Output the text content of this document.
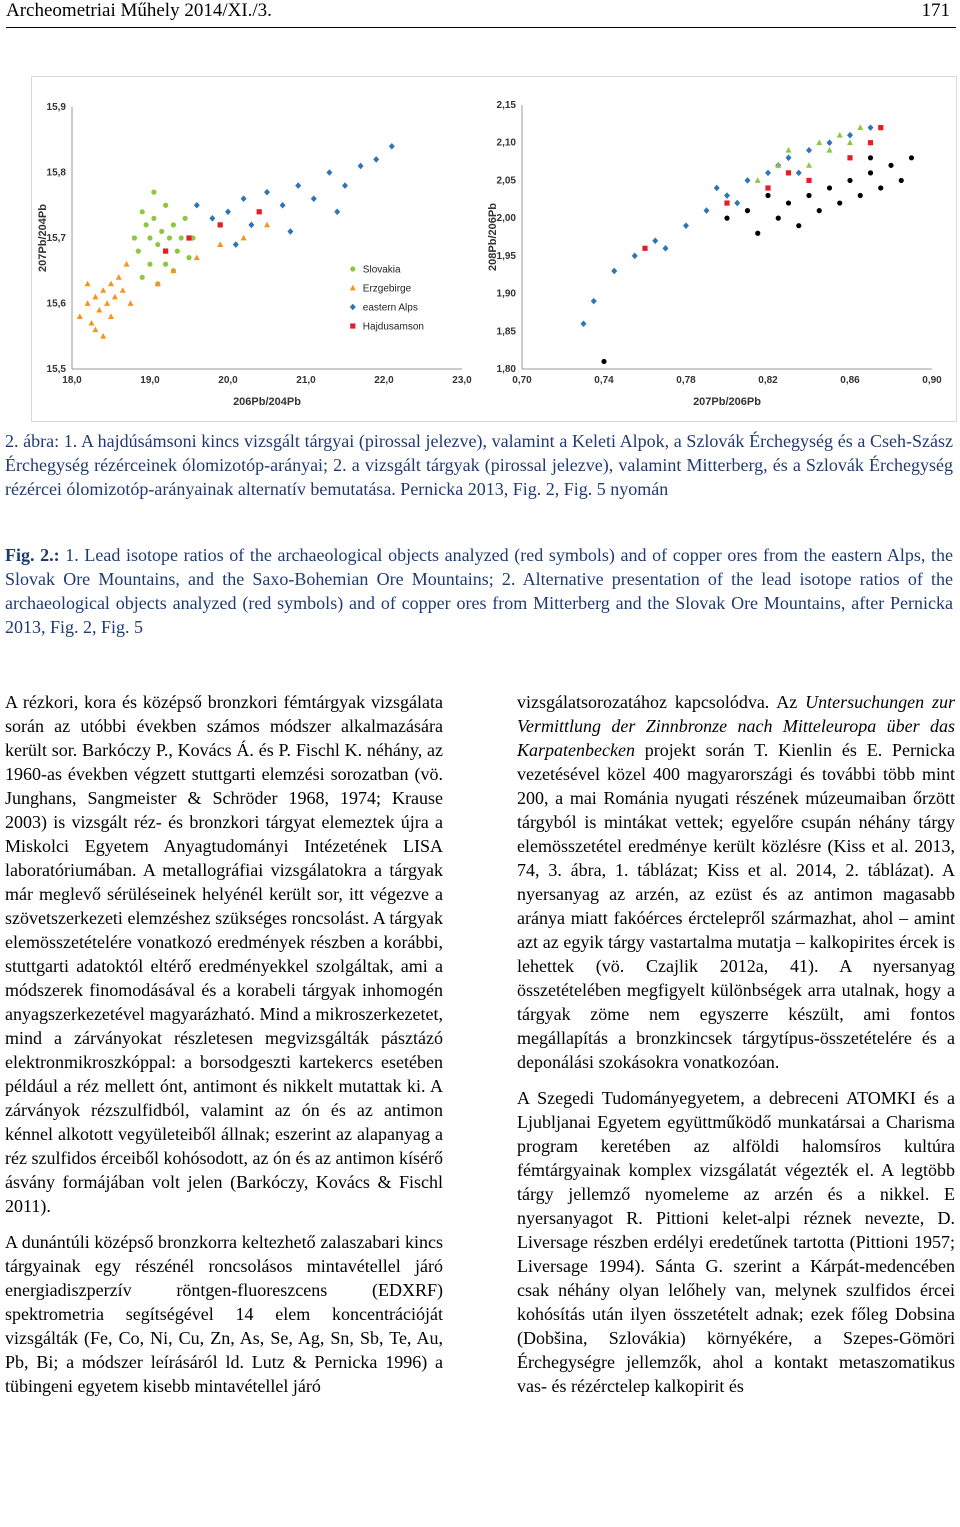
Archeometriai Műhely 2014/XI./3.	171
18,0	19,0	20,0	21,0	22,0	23,0
15,5
15,6
15,7
15,8
15,9
206Pb/204Pb
207Pb/204Pb	Slovakia
Erzgebirge
eastern Alps
Hajdusamson
0,70	0,74	0,78	0,82	0,86	0,90
1,80
1,85
1,90
1,95
2,00
2,05
2,10
2,15
207Pb/206Pb
208Pb/206Pb
2. ábra: 1. A hajdúsámsoni kincs vizsgált tárgyai (pirossal jelezve), valamint a Keleti Alpok, a Szlovák Érchegység és a Cseh-Szász Érchegység rézérceinek ólomizotóp-arányai; 2. a vizsgált tárgyak (pirossal jelezve), valamint Mitterberg, és a Szlovák Érchegység rézércei ólomizotóp-arányainak alternatív bemutatása. Pernicka 2013, Fig. 2, Fig. 5 nyomán
Fig. 2.: 1. Lead isotope ratios of the archaeological objects analyzed (red symbols) and of copper ores from the eastern Alps, the Slovak Ore Mountains, and the Saxo-Bohemian Ore Mountains; 2. Alternative presentation of the lead isotope ratios of the archaeological objects analyzed (red symbols) and of copper ores from Mitterberg and the Slovak Ore Mountains, after Pernicka 2013, Fig. 2, Fig. 5

A rézkori, kora és középső bronzkori fémtárgyak vizsgálata során az utóbbi években számos módszer alkalmazására került sor. Barkóczy P., Kovács Á. és P. Fischl K. néhány, az 1960-as években végzett stuttgarti elemzési sorozatban (vö. Junghans, Sangmeister & Schröder 1968, 1974; Krause 2003) is vizsgált réz- és bronzkori tárgyat elemeztek újra a Miskolci Egyetem Anyagtudományi Intézetének LISA laboratóriumában. A metallográfiai vizsgálatokra a tárgyak már meglevő sérüléseinek helyénél került sor, itt végezve a szövetszerkezeti elemzéshez szükséges roncsolást. A tárgyak elemösszetételére vonatkozó eredmények részben a korábbi, stuttgarti adatoktól eltérő eredményekkel szolgáltak, ami a módszerek finomodásával és a korabeli tárgyak inhomogén anyagszerkezetével magyarázható. Mind a mikroszerkezetet, mind a zárványokat részletesen megvizsgálták pásztázó elektronmikroszkóppal: a borsodgeszti kartekercs esetében például a réz mellett ónt, antimont és nikkelt mutattak ki. A zárványok rézszulfidból, valamint az ón és az antimon kénnel alkotott vegyületeiből állnak; eszerint az alapanyag a réz szulfidos érceiből kohósodott, az ón és az antimon kísérő ásvány formájában volt jelen (Barkóczy, Kovács & Fischl 2011).

A dunántúli középső bronzkorra keltezhető zalaszabari kincs tárgyainak egy részénél roncsolásos mintavétellel járó energiadiszperzív röntgen-fluoreszcens (EDXRF) spektrometria segítségével 14 elem koncentrációját vizsgálták (Fe, Co, Ni, Cu, Zn, As, Se, Ag, Sn, Sb, Te, Au, Pb, Bi; a módszer leírásáról ld. Lutz & Pernicka 1996) a tübingeni egyetem kisebb mintavétellel járó

vizsgálatsorozatához kapcsolódva. Az Untersuchungen zur Vermittlung der Zinnbronze nach Mitteleuropa über das Karpatenbecken projekt során T. Kienlin és E. Pernicka vezetésével közel 400 magyarországi és további több mint 200, a mai Románia nyugati részének múzeumaiban őrzött tárgyból is mintákat vettek; egyelőre csupán néhány tárgy elemösszetétel eredménye került közlésre (Kiss et al. 2013, 74, 3. ábra, 1. táblázat; Kiss et al. 2014, 2. táblázat). A nyersanyag az arzén, az ezüst és az antimon magasabb aránya miatt fakóérces érctelepről származhat, ahol – amint azt az egyik tárgy vastartalma mutatja – kalkopirites ércek is lehettek (vö. Czajlik 2012a, 41). A nyersanyag összetételében megfigyelt különbségek arra utalnak, hogy a tárgyak zöme nem egyszerre készült, ami fontos megállapítás a bronzkincsek tárgytípus-összetételére és a deponálási szokásokra vonatkozóan.

A Szegedi Tudományegyetem, a debreceni ATOMKI és a Ljubljanai Egyetem együttműködő munkatársai a Charisma program keretében az alföldi halomsíros kultúra fémtárgyainak komplex vizsgálatát végezték el. A legtöbb tárgy jellemző nyomeleme az arzén és a nikkel. E nyersanyagot R. Pittioni kelet-alpi réznek nevezte, D. Liversage részben erdélyi eredetűnek tartotta (Pittioni 1957; Liversage 1994). Sánta G. szerint a Kárpát-medencében csak néhány olyan lelőhely van, melynek szulfidos ércei kohósítás után ilyen összetételt adnak; ezek főleg Dobsina (Dobšina, Szlovákia) környékére, a Szepes-Gömöri Érchegységre jellemzők, ahol a kontakt metaszomatikus vas- és rézércteleр kalkopirit és
